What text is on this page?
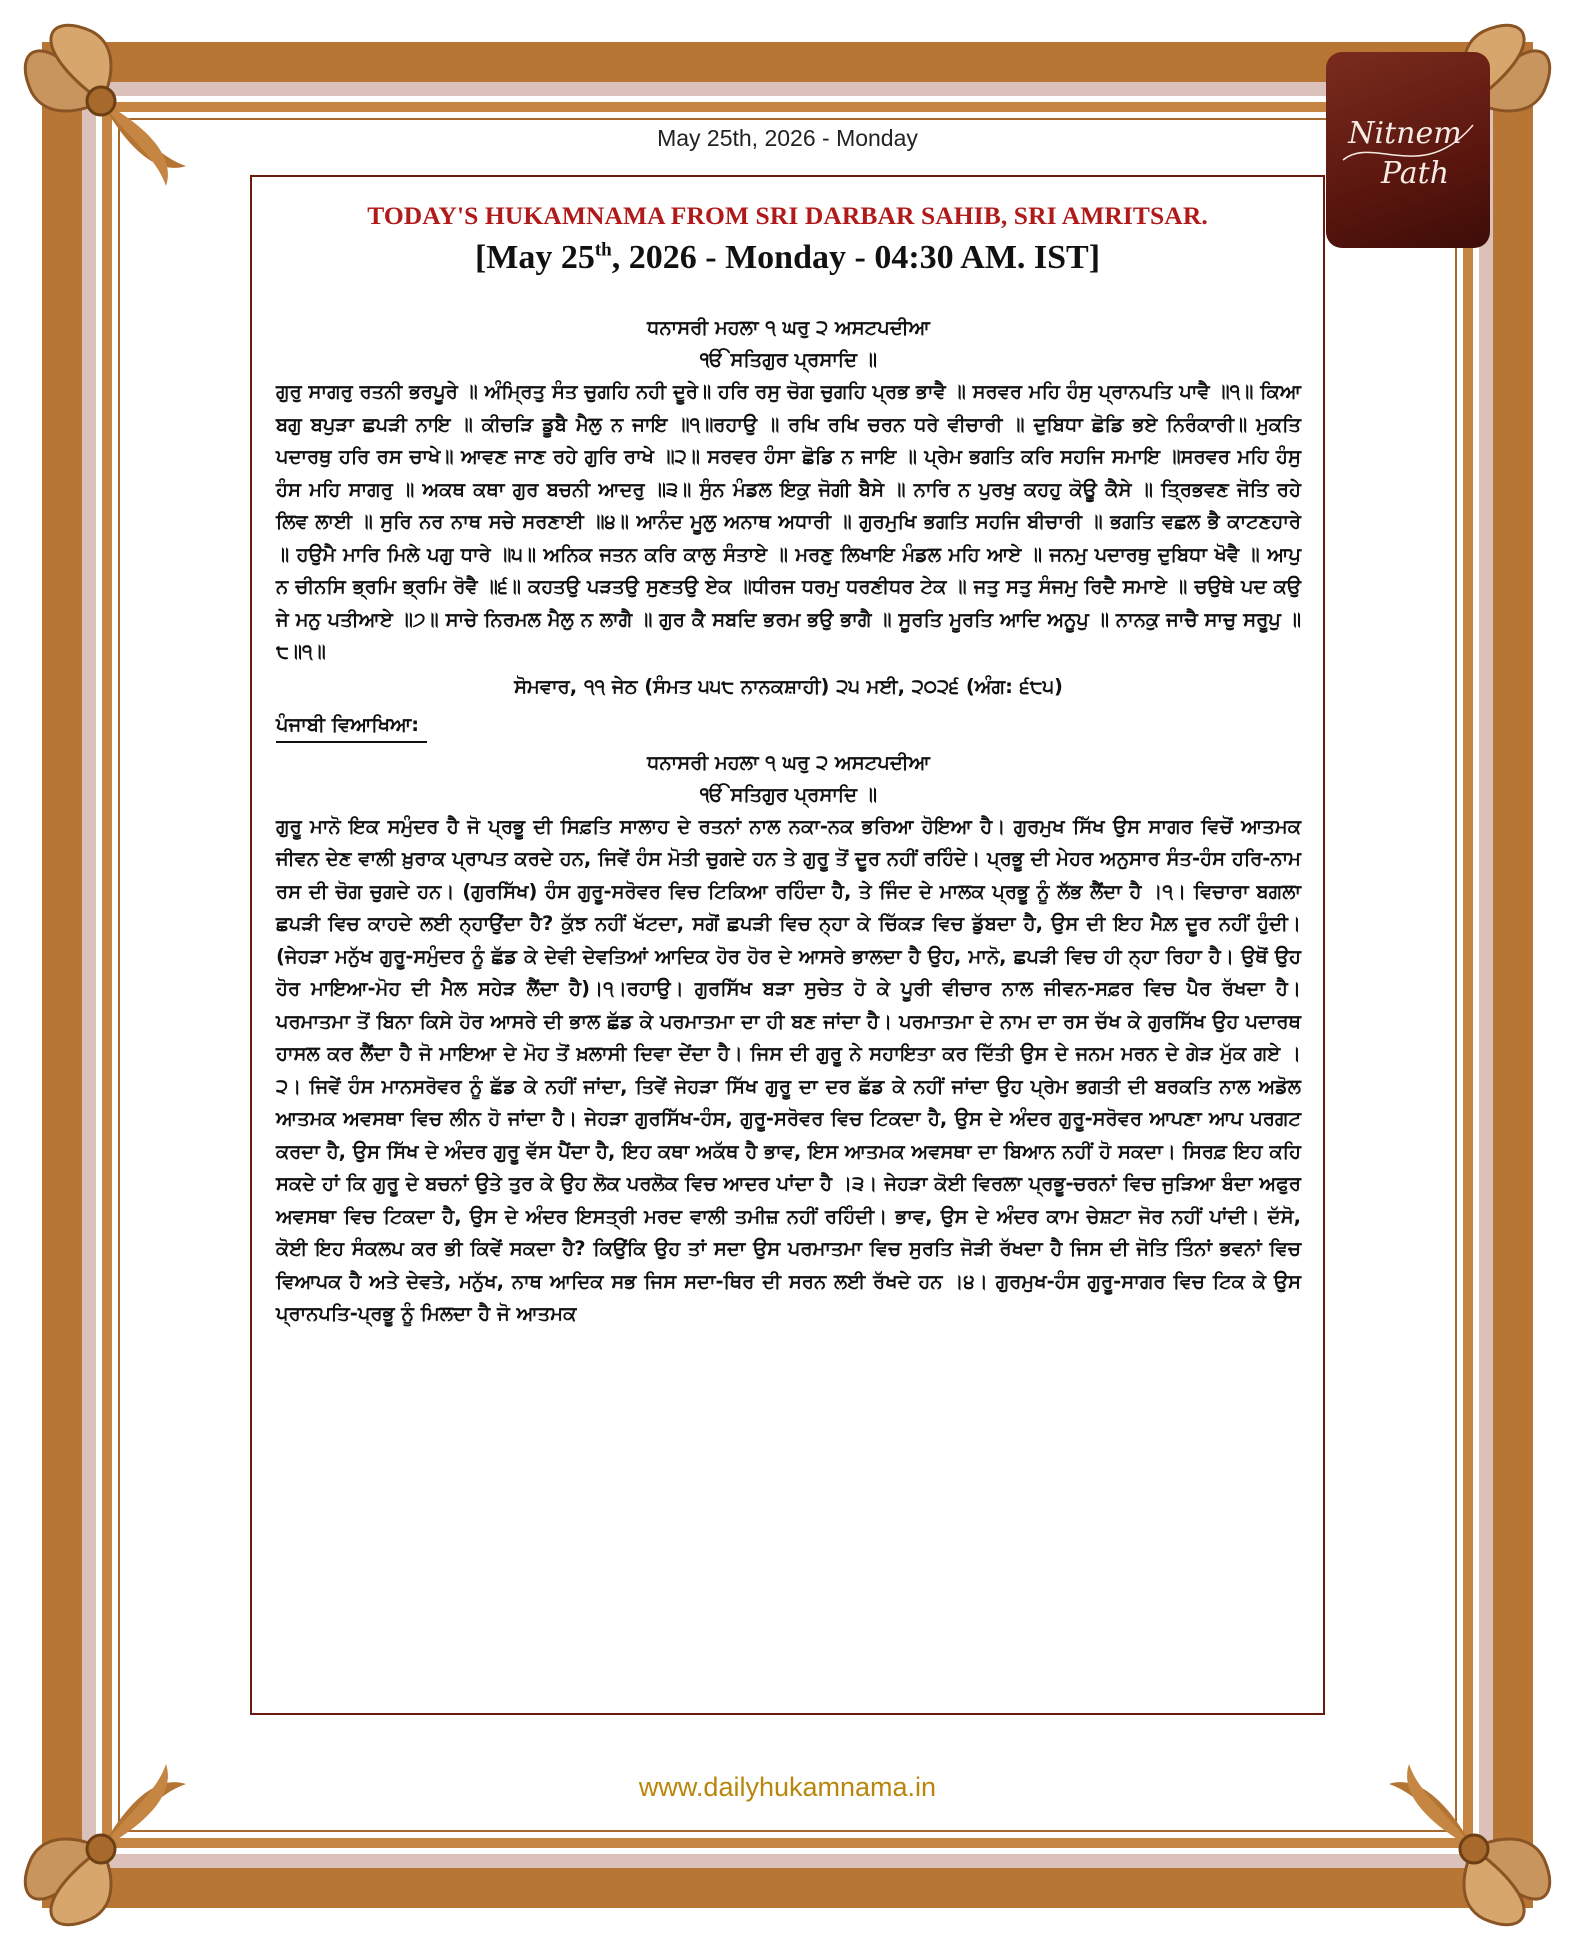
Nitnem
Path
May 25th, 2026 - Monday
TODAY'S HUKAMNAMA FROM SRI DARBAR SAHIB, SRI AMRITSAR.
[May 25th, 2026 - Monday - 04:30 AM. IST]
ਧਨਾਸਰੀ ਮਹਲਾ ੧ ਘਰੁ ੨ ਅਸਟਪਦੀਆ
ੴ ਸਤਿਗੁਰ ਪ੍ਰਸਾਦਿ ॥
ਗੁਰੁ ਸਾਗਰੁ ਰਤਨੀ ਭਰਪੂਰੇ ॥ ਅੰਮ੍ਰਿਤੁ ਸੰਤ ਚੁਗਹਿ ਨਹੀ ਦੂਰੇ॥ ਹਰਿ ਰਸੁ ਚੋਗ ਚੁਗਹਿ ਪ੍ਰਭ ਭਾਵੈ ॥ ਸਰਵਰ ਮਹਿ ਹੰਸੁ ਪ੍ਰਾਨਪਤਿ ਪਾਵੈ ॥੧॥ ਕਿਆ ਬਗੁ ਬਪੁੜਾ ਛਪੜੀ ਨਾਇ ॥ ਕੀਚੜਿ ਡੂਬੈ ਮੈਲੁ ਨ ਜਾਇ ॥੧॥ਰਹਾਉ ॥ ਰਖਿ ਰਖਿ ਚਰਨ ਧਰੇ ਵੀਚਾਰੀ ॥ ਦੁਬਿਧਾ ਛੋਡਿ ਭਏ ਨਿਰੰਕਾਰੀ॥ ਮੁਕਤਿ ਪਦਾਰਥੁ ਹਰਿ ਰਸ ਚਾਖੇ॥ ਆਵਣ ਜਾਣ ਰਹੇ ਗੁਰਿ ਰਾਖੇ ॥੨॥ ਸਰਵਰ ਹੰਸਾ ਛੋਡਿ ਨ ਜਾਇ ॥ ਪ੍ਰੇਮ ਭਗਤਿ ਕਰਿ ਸਹਜਿ ਸਮਾਇ ॥ਸਰਵਰ ਮਹਿ ਹੰਸੁ ਹੰਸ ਮਹਿ ਸਾਗਰੁ ॥ ਅਕਥ ਕਥਾ ਗੁਰ ਬਚਨੀ ਆਦਰੁ ॥੩॥ ਸੁੰਨ ਮੰਡਲ ਇਕੁ ਜੋਗੀ ਬੈਸੇ ॥ ਨਾਰਿ ਨ ਪੁਰਖੁ ਕਹਹੁ ਕੋਊ ਕੈਸੇ ॥ ਤ੍ਰਿਭਵਣ ਜੋਤਿ ਰਹੇ ਲਿਵ ਲਾਈ ॥ ਸੁਰਿ ਨਰ ਨਾਥ ਸਚੇ ਸਰਣਾਈ ॥੪॥ ਆਨੰਦ ਮੂਲੁ ਅਨਾਥ ਅਧਾਰੀ ॥ ਗੁਰਮੁਖਿ ਭਗਤਿ ਸਹਜਿ ਬੀਚਾਰੀ ॥ ਭਗਤਿ ਵਛਲ ਭੈ ਕਾਟਣਹਾਰੇ ॥ ਹਉਮੈ ਮਾਰਿ ਮਿਲੇ ਪਗੁ ਧਾਰੇ ॥੫॥ ਅਨਿਕ ਜਤਨ ਕਰਿ ਕਾਲੁ ਸੰਤਾਏ ॥ ਮਰਣੁ ਲਿਖਾਇ ਮੰਡਲ ਮਹਿ ਆਏ ॥ ਜਨਮੁ ਪਦਾਰਥੁ ਦੁਬਿਧਾ ਖੋਵੈ ॥ ਆਪੁ ਨ ਚੀਨਸਿ ਭ੍ਰਮਿ ਭ੍ਰਮਿ ਰੋਵੈ ॥੬॥ ਕਹਤਉ ਪੜਤਉ ਸੁਣਤਉ ਏਕ ॥ਧੀਰਜ ਧਰਮੁ ਧਰਣੀਧਰ ਟੇਕ ॥ ਜਤੁ ਸਤੁ ਸੰਜਮੁ ਰਿਦੈ ਸਮਾਏ ॥ ਚਉਥੇ ਪਦ ਕਉ ਜੇ ਮਨੁ ਪਤੀਆਏ ॥੭॥ ਸਾਚੇ ਨਿਰਮਲ ਮੈਲੁ ਨ ਲਾਗੈ ॥ ਗੁਰ ਕੈ ਸਬਦਿ ਭਰਮ ਭਉ ਭਾਗੈ ॥ ਸੂਰਤਿ ਮੂਰਤਿ ਆਦਿ ਅਨੂਪੁ ॥ ਨਾਨਕੁ ਜਾਚੈ ਸਾਚੁ ਸਰੂਪੁ ॥੮॥੧॥
ਸੋਮਵਾਰ, ੧੧ ਜੇਠ (ਸੰਮਤ ੫੫੮ ਨਾਨਕਸ਼ਾਹੀ) ੨੫ ਮਈ, ੨੦੨੬ (ਅੰਗ: ੬੮੫)
ਪੰਜਾਬੀ ਵਿਆਖਿਆ:
ਧਨਾਸਰੀ ਮਹਲਾ ੧ ਘਰੁ ੨ ਅਸਟਪਦੀਆ
ੴ ਸਤਿਗੁਰ ਪ੍ਰਸਾਦਿ ॥
ਗੁਰੂ ਮਾਨੋ ਇਕ ਸਮੁੰਦਰ ਹੈ ਜੋ ਪ੍ਰਭੂ ਦੀ ਸਿਫ਼ਤਿ ਸਾਲਾਹ ਦੇ ਰਤਨਾਂ ਨਾਲ ਨਕਾ-ਨਕ ਭਰਿਆ ਹੋਇਆ ਹੈ। ਗੁਰਮੁਖ ਸਿੱਖ ਉਸ ਸਾਗਰ ਵਿਚੋਂ ਆਤਮਕ ਜੀਵਨ ਦੇਣ ਵਾਲੀ ਖ਼ੁਰਾਕ ਪ੍ਰਾਪਤ ਕਰਦੇ ਹਨ, ਜਿਵੇਂ ਹੰਸ ਮੋਤੀ ਚੁਗਦੇ ਹਨ ਤੇ ਗੁਰੂ ਤੋਂ ਦੂਰ ਨਹੀਂ ਰਹਿੰਦੇ। ਪ੍ਰਭੂ ਦੀ ਮੇਹਰ ਅਨੁਸਾਰ ਸੰਤ-ਹੰਸ ਹਰਿ-ਨਾਮ ਰਸ ਦੀ ਚੋਗ ਚੁਗਦੇ ਹਨ। (ਗੁਰਸਿੱਖ) ਹੰਸ ਗੁਰੂ-ਸਰੋਵਰ ਵਿਚ ਟਿਕਿਆ ਰਹਿੰਦਾ ਹੈ, ਤੇ ਜਿੰਦ ਦੇ ਮਾਲਕ ਪ੍ਰਭੂ ਨੂੰ ਲੱਭ ਲੈਂਦਾ ਹੈ ।੧। ਵਿਚਾਰਾ ਬਗਲਾ ਛਪੜੀ ਵਿਚ ਕਾਹਦੇ ਲਈ ਨ੍ਹਾਉਂਦਾ ਹੈ? ਕੁੱਝ ਨਹੀਂ ਖੱਟਦਾ, ਸਗੋਂ ਛਪੜੀ ਵਿਚ ਨ੍ਹਾ ਕੇ ਚਿੱਕੜ ਵਿਚ ਡੁੱਬਦਾ ਹੈ, ਉਸ ਦੀ ਇਹ ਮੈਲ਼ ਦੂਰ ਨਹੀਂ ਹੁੰਦੀ। (ਜੇਹੜਾ ਮਨੁੱਖ ਗੁਰੂ-ਸਮੁੰਦਰ ਨੂੰ ਛੱਡ ਕੇ ਦੇਵੀ ਦੇਵਤਿਆਂ ਆਦਿਕ ਹੋਰ ਹੋਰ ਦੇ ਆਸਰੇ ਭਾਲਦਾ ਹੈ ਉਹ, ਮਾਨੋ, ਛਪੜੀ ਵਿਚ ਹੀ ਨ੍ਹਾ ਰਿਹਾ ਹੈ। ਉਥੋਂ ਉਹ ਹੋਰ ਮਾਇਆ-ਮੋਹ ਦੀ ਮੈਲ ਸਹੇੜ ਲੈਂਦਾ ਹੈ)।੧।ਰਹਾਉ। ਗੁਰਸਿੱਖ ਬੜਾ ਸੁਚੇਤ ਹੋ ਕੇ ਪੂਰੀ ਵੀਚਾਰ ਨਾਲ ਜੀਵਨ-ਸਫ਼ਰ ਵਿਚ ਪੈਰ ਰੱਖਦਾ ਹੈ। ਪਰਮਾਤਮਾ ਤੋਂ ਬਿਨਾ ਕਿਸੇ ਹੋਰ ਆਸਰੇ ਦੀ ਭਾਲ ਛੱਡ ਕੇ ਪਰਮਾਤਮਾ ਦਾ ਹੀ ਬਣ ਜਾਂਦਾ ਹੈ। ਪਰਮਾਤਮਾ ਦੇ ਨਾਮ ਦਾ ਰਸ ਚੱਖ ਕੇ ਗੁਰਸਿੱਖ ਉਹ ਪਦਾਰਥ ਹਾਸਲ ਕਰ ਲੈਂਦਾ ਹੈ ਜੋ ਮਾਇਆ ਦੇ ਮੋਹ ਤੋਂ ਖ਼ਲਾਸੀ ਦਿਵਾ ਦੇਂਦਾ ਹੈ। ਜਿਸ ਦੀ ਗੁਰੂ ਨੇ ਸਹਾਇਤਾ ਕਰ ਦਿੱਤੀ ਉਸ ਦੇ ਜਨਮ ਮਰਨ ਦੇ ਗੇੜ ਮੁੱਕ ਗਏ ।੨। ਜਿਵੇਂ ਹੰਸ ਮਾਨਸਰੋਵਰ ਨੂੰ ਛੱਡ ਕੇ ਨਹੀਂ ਜਾਂਦਾ, ਤਿਵੇਂ ਜੇਹੜਾ ਸਿੱਖ ਗੁਰੂ ਦਾ ਦਰ ਛੱਡ ਕੇ ਨਹੀਂ ਜਾਂਦਾ ਉਹ ਪ੍ਰੇਮ ਭਗਤੀ ਦੀ ਬਰਕਤਿ ਨਾਲ ਅਡੋਲ ਆਤਮਕ ਅਵਸਥਾ ਵਿਚ ਲੀਨ ਹੋ ਜਾਂਦਾ ਹੈ। ਜੇਹੜਾ ਗੁਰਸਿੱਖ-ਹੰਸ, ਗੁਰੂ-ਸਰੋਵਰ ਵਿਚ ਟਿਕਦਾ ਹੈ, ਉਸ ਦੇ ਅੰਦਰ ਗੁਰੂ-ਸਰੋਵਰ ਆਪਣਾ ਆਪ ਪਰਗਟ ਕਰਦਾ ਹੈ, ਉਸ ਸਿੱਖ ਦੇ ਅੰਦਰ ਗੁਰੂ ਵੱਸ ਪੈਂਦਾ ਹੈ, ਇਹ ਕਥਾ ਅਕੱਥ ਹੈ ਭਾਵ, ਇਸ ਆਤਮਕ ਅਵਸਥਾ ਦਾ ਬਿਆਨ ਨਹੀਂ ਹੋ ਸਕਦਾ। ਸਿਰਫ਼ ਇਹ ਕਹਿ ਸਕਦੇ ਹਾਂ ਕਿ ਗੁਰੂ ਦੇ ਬਚਨਾਂ ਉਤੇ ਤੁਰ ਕੇ ਉਹ ਲੋਕ ਪਰਲੋਕ ਵਿਚ ਆਦਰ ਪਾਂਦਾ ਹੈ ।੩। ਜੇਹੜਾ ਕੋਈ ਵਿਰਲਾ ਪ੍ਰਭੂ-ਚਰਨਾਂ ਵਿਚ ਜੁੜਿਆ ਬੰਦਾ ਅਫੁਰ ਅਵਸਥਾ ਵਿਚ ਟਿਕਦਾ ਹੈ, ਉਸ ਦੇ ਅੰਦਰ ਇਸਤ੍ਰੀ ਮਰਦ ਵਾਲੀ ਤਮੀਜ਼ ਨਹੀਂ ਰਹਿੰਦੀ। ਭਾਵ, ਉਸ ਦੇ ਅੰਦਰ ਕਾਮ ਚੇਸ਼ਟਾ ਜੋਰ ਨਹੀਂ ਪਾਂਦੀ। ਦੱਸੋ, ਕੋਈ ਇਹ ਸੰਕਲਪ ਕਰ ਭੀ ਕਿਵੇਂ ਸਕਦਾ ਹੈ? ਕਿਉਂਕਿ ਉਹ ਤਾਂ ਸਦਾ ਉਸ ਪਰਮਾਤਮਾ ਵਿਚ ਸੁਰਤਿ ਜੋੜੀ ਰੱਖਦਾ ਹੈ ਜਿਸ ਦੀ ਜੋਤਿ ਤਿੰਨਾਂ ਭਵਨਾਂ ਵਿਚ ਵਿਆਪਕ ਹੈ ਅਤੇ ਦੇਵਤੇ, ਮਨੁੱਖ, ਨਾਥ ਆਦਿਕ ਸਭ ਜਿਸ ਸਦਾ-ਥਿਰ ਦੀ ਸਰਨ ਲਈ ਰੱਖਦੇ ਹਨ ।੪। ਗੁਰਮੁਖ-ਹੰਸ ਗੁਰੂ-ਸਾਗਰ ਵਿਚ ਟਿਕ ਕੇ ਉਸ ਪ੍ਰਾਨਪਤਿ-ਪ੍ਰਭੂ ਨੂੰ ਮਿਲਦਾ ਹੈ ਜੋ ਆਤਮਕ
www.dailyhukamnama.in
